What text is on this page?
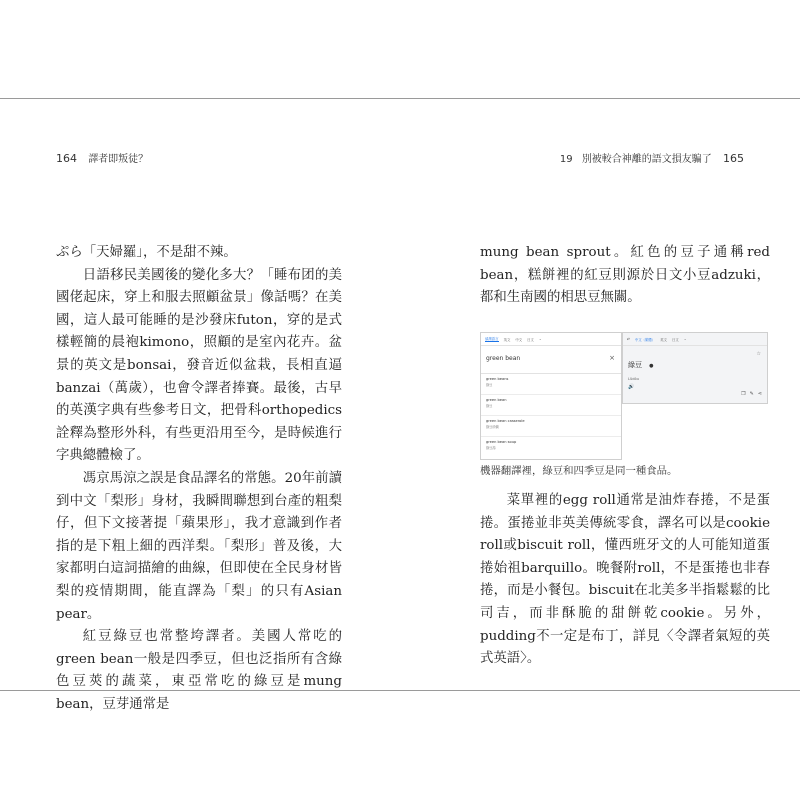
164 譯者即叛徒？

ぷら「天婦羅」，不是甜不辣。

日語移民美國後的變化多大？「睡布团的美國佬起床，穿上和服去照顧盆景」像話嗎？在美國，這人最可能睡的是沙發床futon，穿的是式樣輕簡的晨袍kimono，照顧的是室內花卉。盆景的英文是bonsai，發音近似盆栽，長相直逼banzai（萬歲），也會令譯者捧賽。最後，古早的英漢字典有些參考日文，把骨科orthopedics詮釋為整形外科，有些更沿用至今，是時候進行字典總體檢了。

馮京馬涼之誤是食品譯名的常態。20年前讀到中文「梨形」身材，我瞬間聯想到台產的粗梨仔，但下文接著提「蘋果形」，我才意識到作者指的是下粗上細的西洋梨。「梨形」普及後，大家都明白這詞描繪的曲線，但即使在全民身材皆梨的疫情期間，能直譯為「梨」的只有Asian pear。

紅豆綠豆也常整垮譯者。美國人常吃的green bean一般是四季豆，但也泛指所有含綠色豆莢的蔬菜，東亞常吃的綠豆是mung bean，豆芽通常是

19 別被較合神離的語文損友騙了 165

mung bean sprout。紅色的豆子通稱red bean，糕餅裡的紅豆則源於日文小豆adzuki，都和生南國的相思豆無關。

偵測語言 英文 中文 日文 ⌄
green bean	×
green beans
綠豆
green bean
綠豆
green bean casserole
綠豆砂鍋
green bean soup
綠豆湯
⇄ 中文（繁體） 英文 日文 ⌄
綠豆 ●
☆
Lǜdòu
🔊
❐ ✎ ⋖
機器翻譯裡，綠豆和四季豆是同一種食品。

菜單裡的egg roll通常是油炸春捲，不是蛋捲。蛋捲並非英美傳統零食，譯名可以是cookie roll或biscuit roll，懂西班牙文的人可能知道蛋捲始祖barquillo。晚餐附roll，不是蛋捲也非春捲，而是小餐包。biscuit在北美多半指鬆鬆的比司吉，而非酥脆的甜餅乾cookie。另外，pudding不一定是布丁，詳見〈令譯者氣短的英式英語〉。
